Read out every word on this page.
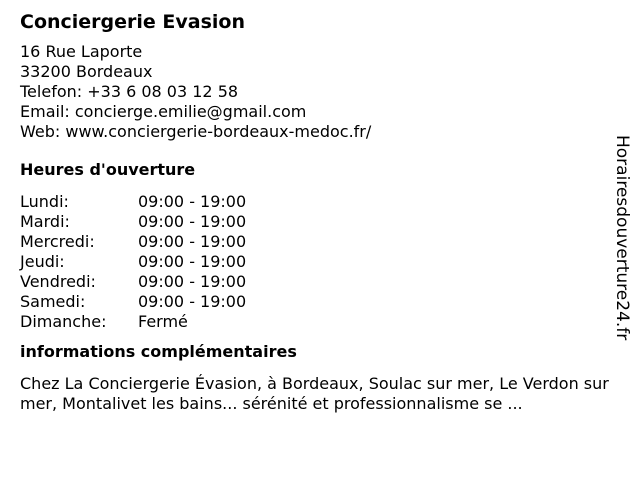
Conciergerie Evasion
16 Rue Laporte
33200 Bordeaux
Telefon: +33 6 08 03 12 58
Email: concierge.emilie@gmail.com
Web: www.conciergerie-bordeaux-medoc.fr/
Heures d'ouverture
Lundi:	09:00 - 19:00
Mardi:	09:00 - 19:00
Mercredi:	09:00 - 19:00
Jeudi:	09:00 - 19:00
Vendredi:	09:00 - 19:00
Samedi:	09:00 - 19:00
Dimanche:	Fermé
informations complémentaires
Chez La Conciergerie Évasion, à Bordeaux, Soulac sur mer, Le Verdon sur mer, Montalivet les bains... sérénité et professionnalisme se ...
Horairesdouverture24.fr
